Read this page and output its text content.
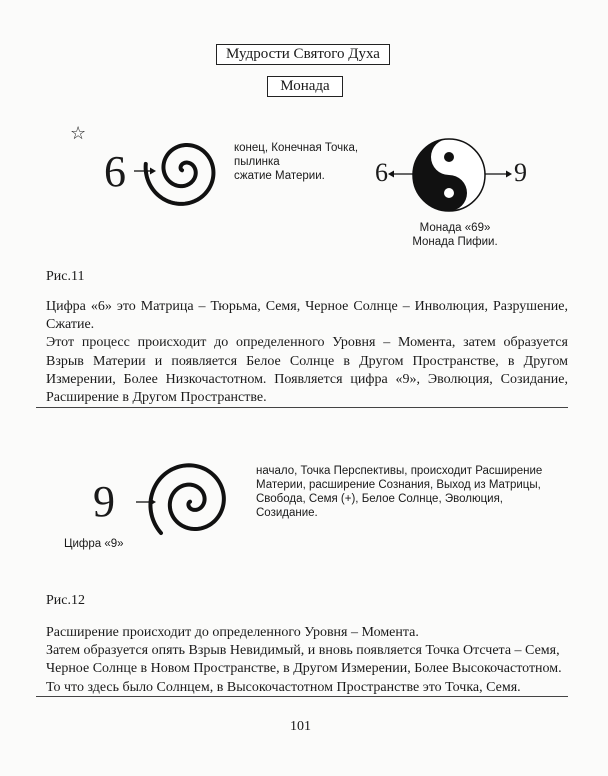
Мудрости Святого Духа
Монада
☆
6	конец, Конечная Точка,
пылинка
сжатие Материи.	6	9
Монада «69»
Монада Пифии.
Рис.11

Цифра «6» это Матрица – Тюрьма, Семя, Черное Солнце – Инволюция, Разрушение, Сжатие.

Этот процесс происходит до определенного Уровня – Момента, затем образуется Взрыв Материи и появляется Белое Солнце в Другом Пространстве, в Другом Измерении, Более Низкочастотном. Появляется цифра «9», Эволюция, Созидание, Расширение в Другом Пространстве.

9
начало, Точка Перспективы, происходит Расширение
Материи, расширение Сознания, Выход из Матрицы,
Свобода, Семя (+), Белое Солнце, Эволюция,
Созидание.
Цифра «9»
Рис.12

Расширение происходит до определенного Уровня – Момента.

Затем образуется опять Взрыв Невидимый, и вновь появляется Точка Отсчета – Семя, Черное Солнце в Новом Пространстве, в Другом Измерении, Более Высокочастотном.

То что здесь было Солнцем, в Высокочастотном Пространстве это Точка, Семя.

101
